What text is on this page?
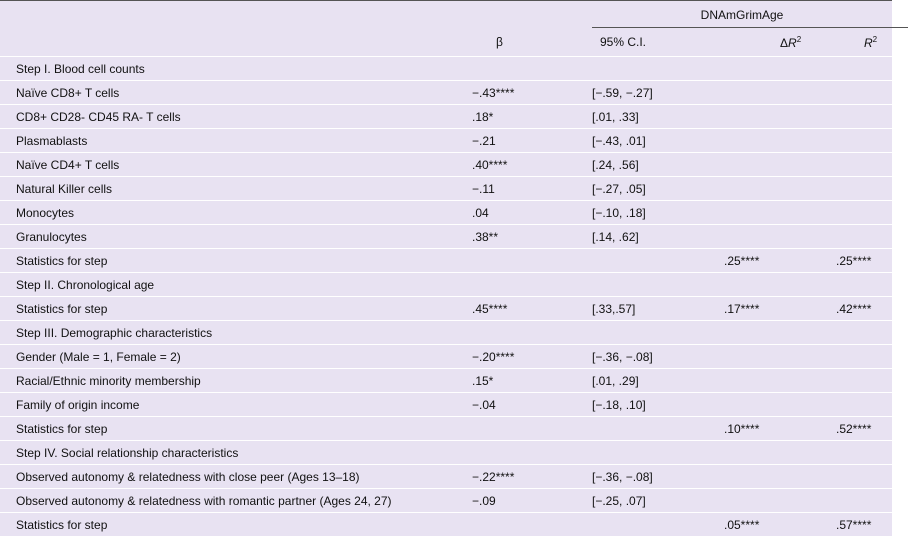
		DNAmGrimAge		

	β	95% C.I.	$\Delta R^2$	$R^2$
Step I. Blood cell counts				
Naïve CD8+ T cells	−.43****	[−.59, −.27]		
CD8+ CD28- CD45 RA- T cells	.18*	[.01, .33]		
Plasmablasts	−.21	[−.43, .01]		
Naïve CD4+ T cells	.40****	[.24, .56]		
Natural Killer cells	−.11	[−.27, .05]		
Monocytes	.04	[−.10, .18]		
Granulocytes	.38**	[.14, .62]		
Statistics for step			.25****	.25****
Step II. Chronological age				
Statistics for step	.45****	[.33,.57]	.17****	.42****
Step III. Demographic characteristics				
Gender (Male = 1, Female = 2)	−.20****	[−.36, −.08]		
Racial/Ethnic minority membership	.15*	[.01, .29]		
Family of origin income	−.04	[−.18, .10]		
Statistics for step			.10****	.52****
Step IV. Social relationship characteristics				
Observed autonomy & relatedness with close peer (Ages 13–18)	−.22****	[−.36, −.08]		
Observed autonomy & relatedness with romantic partner (Ages 24, 27)	−.09	[−.25, .07]		
Statistics for step			.05****	.57****
